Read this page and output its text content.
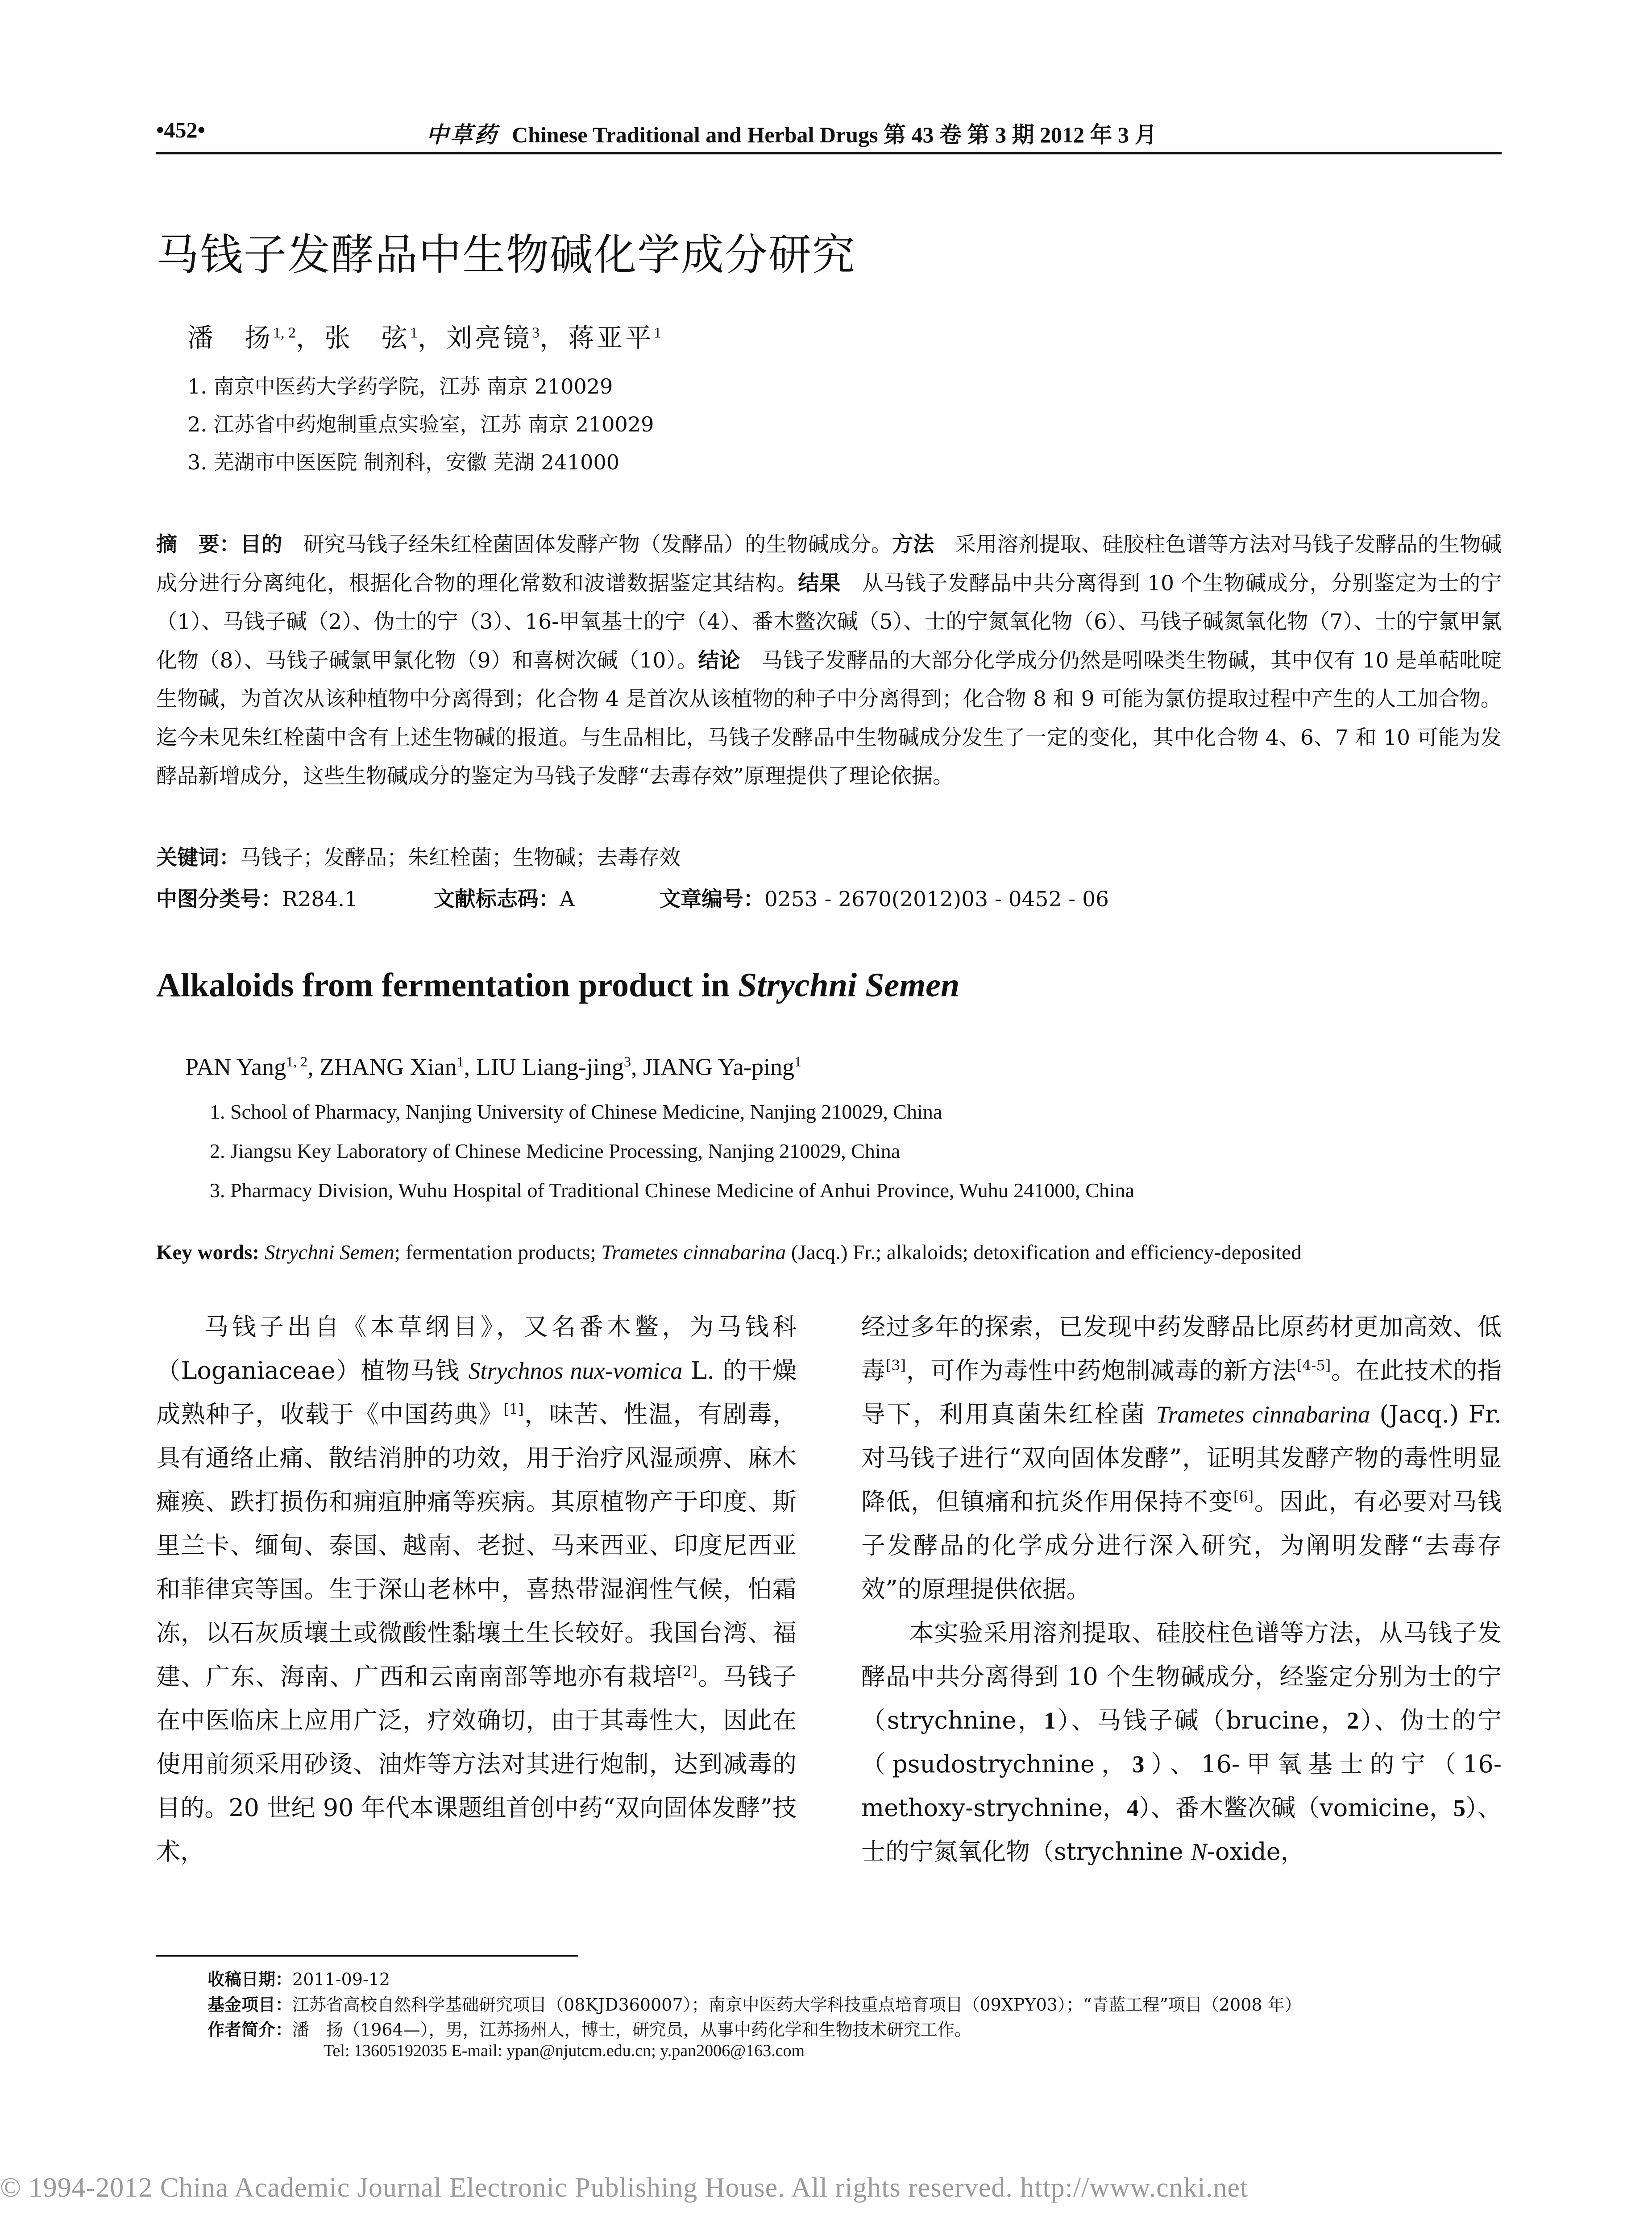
•452•	中草药 Chinese Traditional and Herbal Drugs 第 43 卷 第 3 期 2012 年 3 月
马钱子发酵品中生物碱化学成分研究
潘　扬$^{1, 2}$，张　弦$^1$，刘亮镜$^3$，蒋亚平$^1$
1. 南京中医药大学药学院，江苏 南京 210029
2. 江苏省中药炮制重点实验室，江苏 南京 210029
3. 芜湖市中医医院 制剂科，安徽 芜湖 241000
摘　要：目的　 研究马钱子经朱红栓菌固体发酵产物（发酵品）的生物碱成分。方法　 采用溶剂提取、硅胶柱色谱等方法对马钱子发酵品的生物碱成分进行分离纯化，根据化合物的理化常数和波谱数据鉴定其结构。结果　 从马钱子发酵品中共分离得到 10 个生物碱成分，分别鉴定为士的宁（1）、马钱子碱（2）、伪士的宁（3）、16-甲氧基士的宁（4）、番木鳖次碱（5）、士的宁氮氧化物（6）、马钱子碱氮氧化物（7）、士的宁氯甲氯化物（8）、马钱子碱氯甲氯化物（9）和喜树次碱（10）。结论　 马钱子发酵品的大部分化学成分仍然是吲哚类生物碱，其中仅有 10 是单萜吡啶生物碱，为首次从该种植物中分离得到；化合物 4 是首次从该植物的种子中分离得到；化合物 8 和 9 可能为氯仿提取过程中产生的人工加合物。迄今未见朱红栓菌中含有上述生物碱的报道。与生品相比，马钱子发酵品中生物碱成分发生了一定的变化，其中化合物 4、6、7 和 10 可能为发酵品新增成分，这些生物碱成分的鉴定为马钱子发酵“去毒存效”原理提供了理论依据。
关键词：马钱子；发酵品；朱红栓菌；生物碱；去毒存效
中图分类号：R284.1	文献标志码：A	文章编号：0253 - 2670(2012)03 - 0452 - 06
Alkaloids from fermentation product in Strychni Semen
PAN Yang$^{1, 2}$, ZHANG Xian$^1$, LIU Liang-jing$^3$, JIANG Ya-ping$^1$
1. School of Pharmacy, Nanjing University of Chinese Medicine, Nanjing 210029, China
2. Jiangsu Key Laboratory of Chinese Medicine Processing, Nanjing 210029, China
3. Pharmacy Division, Wuhu Hospital of Traditional Chinese Medicine of Anhui Province, Wuhu 241000, China
Key words: Strychni Semen; fermentation products; Trametes cinnabarina (Jacq.) Fr.; alkaloids; detoxification and efficiency-deposited

马钱子出自《本草纲目》，又名番木鳖，为马钱科（Loganiaceae）植物马钱 Strychnos nux-vomica L. 的干燥成熟种子，收载于《中国药典》[1]，味苦、性温，有剧毒，具有通络止痛、散结消肿的功效，用于治疗风湿顽痹、麻木瘫痪、跌打损伤和痈疽肿痛等疾病。其原植物产于印度、斯里兰卡、缅甸、泰国、越南、老挝、马来西亚、印度尼西亚和菲律宾等国。生于深山老林中，喜热带湿润性气候，怕霜冻，以石灰质壤土或微酸性黏壤土生长较好。我国台湾、福建、广东、海南、广西和云南南部等地亦有栽培[2]。马钱子在中医临床上应用广泛，疗效确切，由于其毒性大，因此在使用前须采用砂烫、油炸等方法对其进行炮制，达到减毒的目的。20 世纪 90 年代本课题组首创中药“双向固体发酵”技术，

经过多年的探索，已发现中药发酵品比原药材更加高效、低毒[3]，可作为毒性中药炮制减毒的新方法[4-5]。在此技术的指导下，利用真菌朱红栓菌 Trametes cinnabarina (Jacq.) Fr. 对马钱子进行“双向固体发酵”，证明其发酵产物的毒性明显降低，但镇痛和抗炎作用保持不变[6]。因此，有必要对马钱子发酵品的化学成分进行深入研究，为阐明发酵“去毒存效”的原理提供依据。

本实验采用溶剂提取、硅胶柱色谱等方法，从马钱子发酵品中共分离得到 10 个生物碱成分，经鉴定分别为士的宁（strychnine，1）、马钱子碱（brucine，2）、伪士的宁（psudostrychnine，3）、16-甲氧基士的宁（16-methoxy-strychnine，4）、番木鳖次碱（vomicine，5）、士的宁氮氧化物（strychnine N-oxide，

收稿日期：2011-09-12
基金项目：江苏省高校自然科学基础研究项目（08KJD360007）；南京中医药大学科技重点培育项目（09XPY03）；“青蓝工程”项目（2008 年）
作者简介：潘　扬（1964—），男，江苏扬州人，博士，研究员，从事中药化学和生物技术研究工作。
Tel: 13605192035 E-mail: ypan@njutcm.edu.cn; y.pan2006@163.com
© 1994-2012 China Academic Journal Electronic Publishing House. All rights reserved. http://www.cnki.net
